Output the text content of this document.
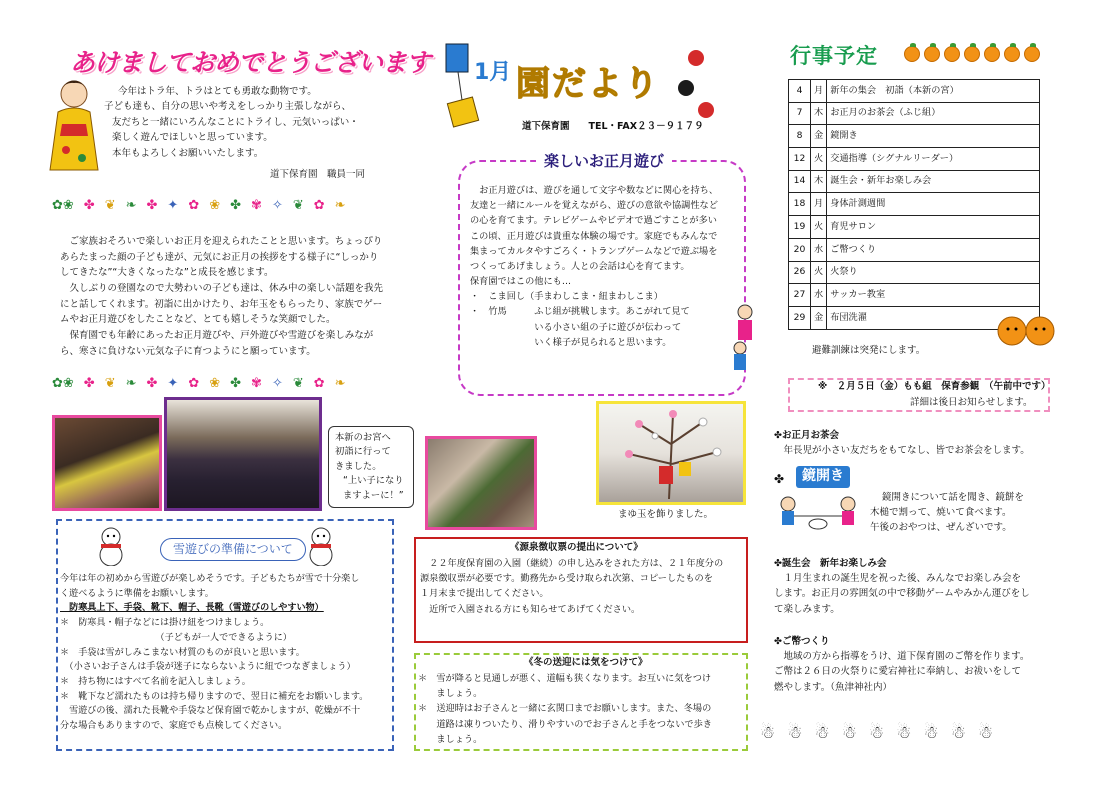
あけましておめでとうございます

今年はトラ年、トラはとても勇敢な動物です。

子ども達も、自分の思いや考えをしっかり主張しながら、

友だちと一緒にいろんなことにトライし、元気いっぱい・

楽しく遊んでほしいと思っています。

本年もよろしくお願いいたします。

道下保育園　職員一同
1月 園だより
道下保育園　　TEL・FAX２３－９１７９
✿❀ ✤ ❦ ❧ ✤ ✦ ✿ ❀ ✤ ✾ ✧ ❦ ✿ ❧

　ご家族おそろいで楽しいお正月を迎えられたことと思います。ちょっぴり

あらたまった顔の子ども達が、元気にお正月の挨拶をする様子に“しっかり

してきたな”“大きくなったな”と成長を感じます。

　久しぶりの登園なので大勢わいの子ども達は、休み中の楽しい話題を我先

にと話してくれます。初詣に出かけたり、お年玉をもらったり、家族でゲー

ムやお正月遊びをしたことなど、とても嬉しそうな笑顔でした。

　保育園でも年齢にあったお正月遊びや、戸外遊びや雪遊びを楽しみなが

ら、寒さに負けない元気な子に育つようにと願っています。

✿❀ ✤ ❦ ❧ ✤ ✦ ✿ ❀ ✤ ✾ ✧ ❦ ✿ ❧
楽しいお正月遊び

　お正月遊びは、遊びを通して文字や数などに関心を持ち、

友達と一緒にルールを覚えながら、遊びの意欲や協調性など

の心を育てます。テレビゲームやビデオで過ごすことが多い

この頃、正月遊びは貴重な体験の場です。家庭でもみんなで

集まってカルタやすごろく・トランプゲームなどで遊ぶ場を

つくってあげましょう。人との会話は心を育てます。

保育園ではこの他にも…

・　こま回し（手まわしこま・紐まわしこま）

・　竹馬　　　ふじ組が挑戦します。あこがれて見て

　　　　　　　いる小さい組の子に遊びが伝わって

　　　　　　　いく様子が見られると思います。

行事予定
4	月	新年の集会　初詣（本新の宮）
7	木	お正月のお茶会（ふじ組）
8	金	鏡開き
12	火	交通指導（シグナルリーダー）
14	木	誕生会・新年お楽しみ会
18	月	身体計測週間
19	火	育児サロン
20	水	ご幣つくり
26	火	火祭り
27	水	サッカー教室
29	金	布団洗濯
避難訓練は突発にします。
※　２月５日（金）もも組　保育参観　（午前中です）
詳細は後日お知らせします。

✤お正月お茶会

　年長児が小さい友だちをもてなし、皆でお茶会をします。

✤	鏡開き

鏡開きについて話を聞き、鏡餅を

木槌で割って、焼いて食べます。

午後のおやつは、ぜんざいです。

✤誕生会　新年お楽しみ会

　１月生まれの誕生児を祝った後、みんなでお楽しみ会を

します。お正月の雰囲気の中で移動ゲームやみかん運びをし

て楽しみます。

✤ご幣つくり

　地域の方から指導をうけ、道下保育園のご幣を作ります。

ご幣は２６日の火祭りに愛宕神社に奉納し、お祓いをして

燃やします。（魚津神社内）

☃ ☃ ☃ ☃ ☃ ☃ ☃ ☃ ☃

本新のお宮へ

初詣に行って

きました。

“上い子になり

ますよーに！”

まゆ玉を飾りました。
雪遊びの準備について

今年は年の初めから雪遊びが楽しめそうです。子どもたちが雪で十分楽し

く遊べるように準備をお願いします。

　防寒具上下、手袋、靴下、帽子、長靴（雪遊びのしやすい物）

＊　防寒具・帽子などには掛け紐をつけましょう。

　　　　　　　　　　　（子どもが一人でできるように）

＊　手袋は雪がしみこまない材質のものが良いと思います。

　（小さいお子さんは手袋が迷子にならないように紐でつなぎましょう）

＊　持ち物にはすべて名前を記入しましょう。

＊　靴下など濡れたものは持ち帰りますので、翌日に補充をお願いします。

　雪遊びの後、濡れた長靴や手袋など保育園で乾かしますが、乾燥が不十

分な場合もありますので、家庭でも点検してください。

《源泉徴収票の提出について》

　２２年度保育園の入園（継続）の申し込みをされた方は、２１年度分の

源泉徴収票が必要です。勤務先から受け取られ次第、コピーしたものを

１月末まで提出してください。

　近所で入園される方にも知らせてあげてください。

《冬の送迎には気をつけて》

＊　雪が降ると見通しが悪く、道幅も狭くなります。お互いに気をつけ

　　ましょう。

＊　送迎時はお子さんと一緒に玄関口までお願いします。また、冬場の

　　道路は凍りついたり、滑りやすいのでお子さんと手をつないで歩き

　　ましょう。
